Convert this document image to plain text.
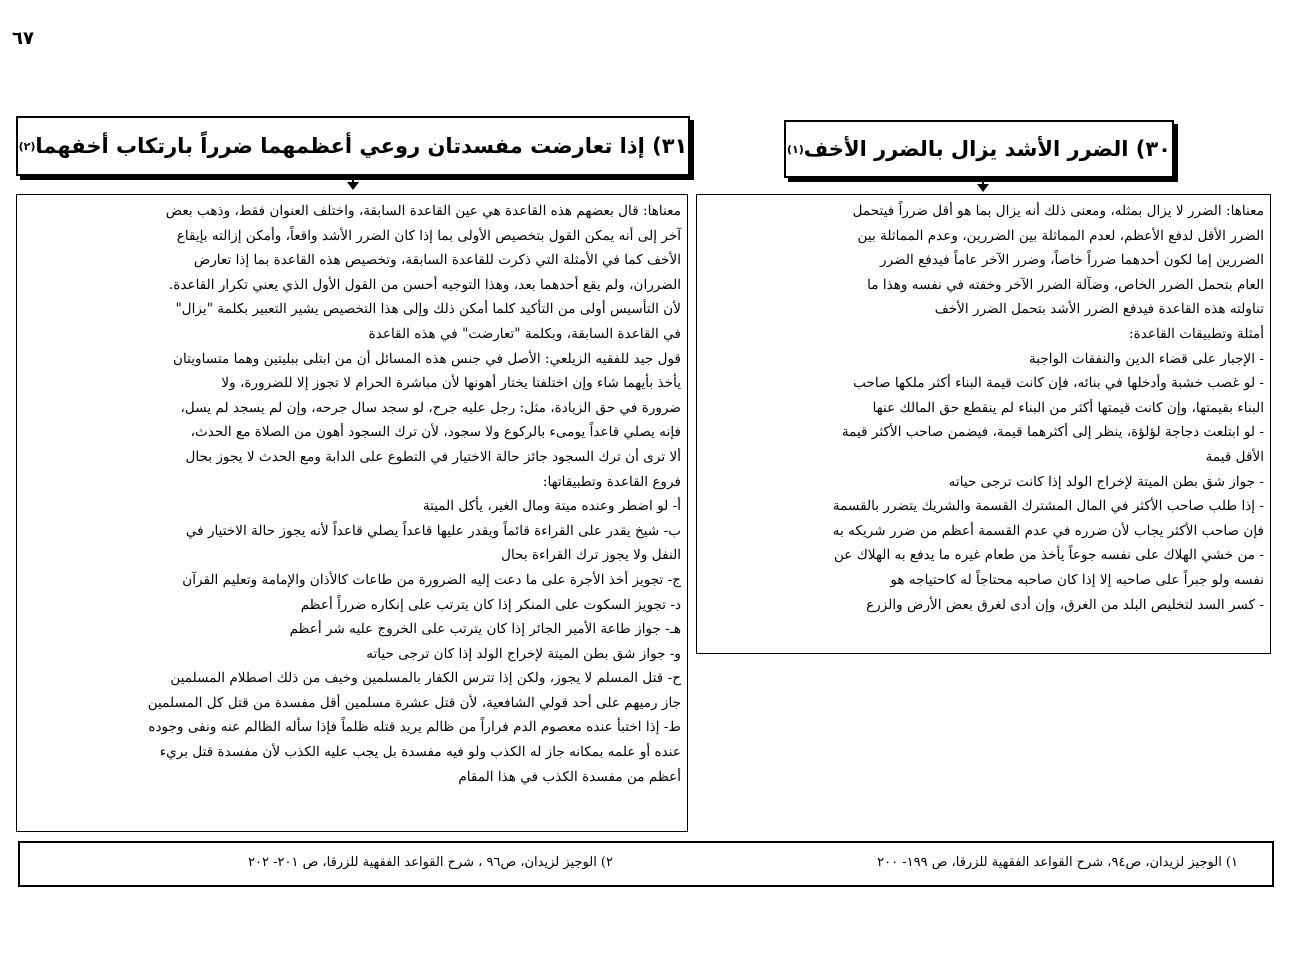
٦٧
٣١) إذا تعارضت مفسدتان روعي أعظمهما ضرراً بارتكاب أخفهما
(٢)	٣٠) الضرر الأشد يزال بالضرر الأخف
(١)

معناها: قال بعضهم هذه القاعدة هي عين القاعدة السابقة، واختلف العنوان فقط، وذهب بعض

آخر إلى أنه يمكن القول بتخصيص الأولى بما إذا كان الضرر الأشد واقعاً، وأمكن إزالته بإيقاع

الأخف كما في الأمثلة التي ذكرت للقاعدة السابقة، وتخصيص هذه القاعدة بما إذا تعارض

الضرران، ولم يقع أحدهما بعد، وهذا التوجيه أحسن من القول الأول الذي يعني تكرار القاعدة.

لأن التأسيس أولى من التأكيد كلما أمكن ذلك وإلى هذا التخصيص يشير التعبير بكلمة "يزال"

في القاعدة السابقة، وبكلمة "تعارضت" في هذه القاعدة

قول جيد للفقيه الزيلعي: الأصل في جنس هذه المسائل أن من ابتلى ببليتين وهما متساويتان

يأخذ بأيهما شاء وإن اختلفتا يختار أهونها لأن مباشرة الحرام لا تجوز إلا للضرورة، ولا

ضرورة في حق الزيادة، مثل: رجل عليه جرح، لو سجد سال جرحه، وإن لم يسجد لم يسل،

فإنه يصلي قاعداً يومىء بالركوع ولا سجود، لأن ترك السجود أهون من الصلاة مع الحدث،

ألا ترى أن ترك السجود جائز حالة الاختيار في التطوع على الدابة ومع الحدث لا يجوز بحال

فروع القاعدة وتطبيقاتها:

أ- لو اضطر وعنده ميتة ومال الغير، يأكل الميتة

ب- شيخ يقدر على القراءة قائماً ويقدر عليها قاعداً يصلي قاعداً لأنه يجوز حالة الاختيار في

النفل ولا يجوز ترك القراءة بحال

ج- تجويز أخذ الأجرة على ما دعت إليه الضرورة من طاعات كالأذان والإمامة وتعليم القرآن

د- تجويز السكوت على المنكر إذا كان يترتب على إنكاره ضرراً أعظم

هـ- جواز طاعة الأمير الجائر إذا كان يترتب على الخروج عليه شر أعظم

و- جواز شق بطن الميتة لإخراج الولد إذا كان ترجى حياته

ح- قتل المسلم لا يجوز، ولكن إذا تترس الكفار بالمسلمين وخيف من ذلك اصطلام المسلمين

جاز رميهم على أحد قولي الشافعية، لأن قتل عشرة مسلمين أقل مفسدة من قتل كل المسلمين

ط- إذا اختبأ عنده معصوم الدم فراراً من ظالم يريد قتله ظلماً فإذا سأله الظالم عنه ونفى وجوده

عنده أو علمه بمكانه جاز له الكذب ولو فيه مفسدة بل يجب عليه الكذب لأن مفسدة قتل بريء

أعظم من مفسدة الكذب في هذا المقام

معناها: الضرر لا يزال بمثله، ومعنى ذلك أنه يزال بما هو أقل ضرراً فيتحمل

الضرر الأقل لدفع الأعظم، لعدم المماثلة بين الضررين، وعدم المماثلة بين

الضررين إما لكون أحدهما ضرراً خاصاً، وضرر الآخر عاماً فيدفع الضرر

العام بتحمل الضرر الخاص، وضآلة الضرر الآخر وخفته في نفسه وهذا ما

تناولته هذه القاعدة فيدفع الضرر الأشد بتحمل الضرر الأخف

أمثلة وتطبيقات القاعدة:

- الإجبار على قضاء الدين والنفقات الواجبة

- لو غصب خشبة وأدخلها في بنائه، فإن كانت قيمة البناء أكثر ملكها صاحب

البناء بقيمتها، وإن كانت قيمتها أكثر من البناء لم ينقطع حق المالك عنها

- لو ابتلعت دجاجة لؤلؤة، ينظر إلى أكثرهما قيمة، فيضمن صاحب الأكثر قيمة

الأقل قيمة

- جواز شق بطن الميتة لإخراج الولد إذا كانت ترجى حياته

- إذا طلب صاحب الأكثر في المال المشترك القسمة والشريك يتضرر بالقسمة

فإن صاحب الأكثر يجاب لأن ضرره في عدم القسمة أعظم من ضرر شريكه به

- من خشي الهلاك على نفسه جوعاً يأخذ من طعام غيره ما يدفع به الهلاك عن

نفسه ولو جبراً على صاحبه إلا إذا كان صاحبه محتاجاً له كاحتياجه هو

- كسر السد لتخليص البلد من الغرق، وإن أدى لغرق بعض الأرض والزرع

١) الوجيز لزيدان، ص٩٤، شرح القواعد الفقهية للزرقا، ص ١٩٩- ٢٠٠
٢) الوجيز لزيدان، ص٩٦ ، شرح القواعد الفقهية للزرقا، ص ٢٠١- ٢٠٢
